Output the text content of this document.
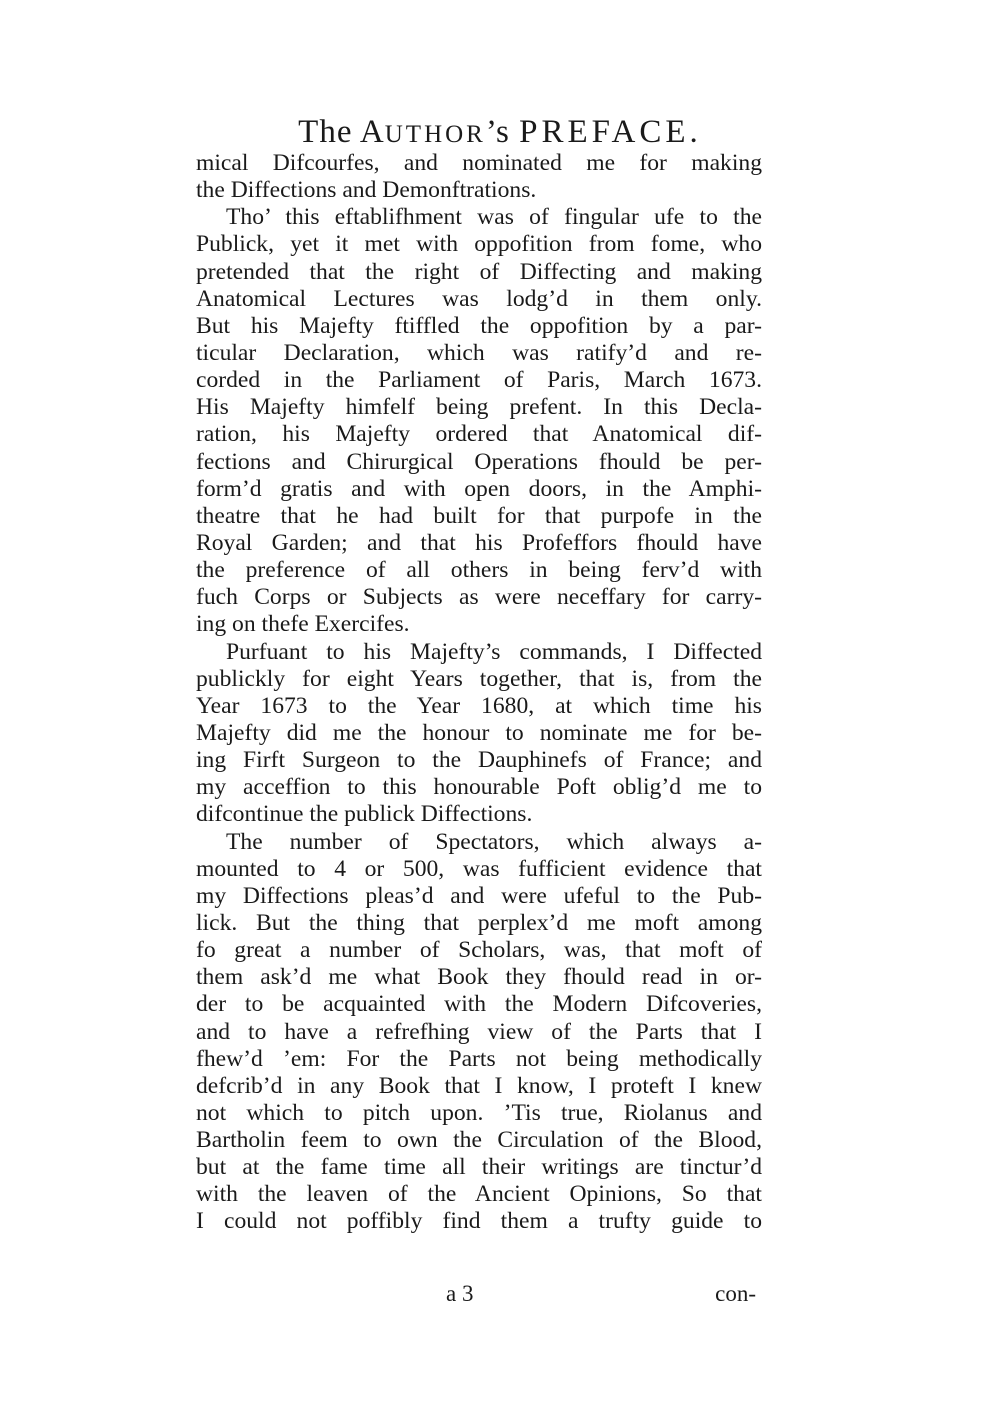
The AUTHOR’s PREFACE.
mical Difcourfes, and nominated me for making
the Diffections and Demonftrations.
Tho’ this eftablifhment was of fingular ufe to the
Publick, yet it met with oppofition from fome, who
pretended that the right of Diffecting and making
Anatomical Lectures was lodg’d in them only.
But his Majefty ftiffled the oppofition by a par-
ticular Declaration, which was ratify’d and re-
corded in the Parliament of Paris, March 1673.
His Majefty himfelf being prefent. In this Decla-
ration, his Majefty ordered that Anatomical dif-
fections and Chirurgical Operations fhould be per-
form’d gratis and with open doors, in the Amphi-
theatre that he had built for that purpofe in the
Royal Garden; and that his Profeffors fhould have
the preference of all others in being ferv’d with
fuch Corps or Subjects as were neceffary for carry-
ing on thefe Exercifes.
Purfuant to his Majefty’s commands, I Diffected
publickly for eight Years together, that is, from the
Year 1673 to the Year 1680, at which time his
Majefty did me the honour to nominate me for be-
ing Firft Surgeon to the Dauphinefs of France; and
my acceffion to this honourable Poft oblig’d me to
difcontinue the publick Diffections.
The number of Spectators, which always a-
mounted to 4 or 500, was fufficient evidence that
my Diffections pleas’d and were ufeful to the Pub-
lick. But the thing that perplex’d me moft among
fo great a number of Scholars, was, that moft of
them ask’d me what Book they fhould read in or-
der to be acquainted with the Modern Difcoveries,
and to have a refrefhing view of the Parts that I
fhew’d ’em: For the Parts not being methodically
defcrib’d in any Book that I know, I proteft I knew
not which to pitch upon. ’Tis true, Riolanus and
Bartholin feem to own the Circulation of the Blood,
but at the fame time all their writings are tinctur’d
with the leaven of the Ancient Opinions, So that
I could not poffibly find them a trufty guide to
a 3	con-
